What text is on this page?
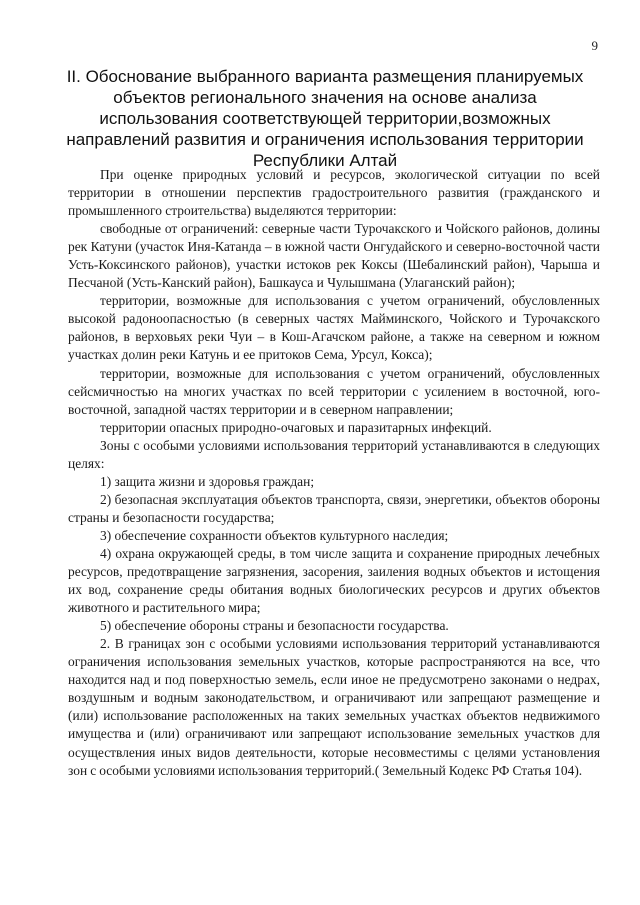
9
II. Обоснование выбранного варианта размещения планируемых объектов регионального значения на основе анализа использования соответствующей территории,возможных направлений развития и ограничения использования территории Республики Алтай

При оценке природных условий и ресурсов, экологической ситуации по всей территории в отношении перспектив градостроительного развития (гражданского и промышленного строительства) выделяются территории:

свободные от ограничений: северные части Турочакского и Чойского районов, долины рек Катуни (участок Иня-Катанда – в южной части Онгудайского и северно-восточной части Усть-Коксинского районов), участки истоков рек Коксы (Шебалинский район), Чарыша и Песчаной (Усть-Канский район), Башкауса и Чулышмана (Улаганский район);

территории, возможные для использования с учетом ограничений, обусловленных высокой радоноопасностью (в северных частях Майминского, Чойского и Турочакского районов, в верховьях реки Чуи – в Кош-Агачском районе, а также на северном и южном участках долин реки Катунь и ее притоков Сема, Урсул, Кокса);

территории, возможные для использования с учетом ограничений, обусловленных сейсмичностью на многих участках по всей территории с усилением в восточной, юго-восточной, западной частях территории и в северном направлении;

территории опасных природно-очаговых и паразитарных инфекций.

Зоны с особыми условиями использования территорий устанавливаются в следующих целях:

1) защита жизни и здоровья граждан;

2) безопасная эксплуатация объектов транспорта, связи, энергетики, объектов обороны страны и безопасности государства;

3) обеспечение сохранности объектов культурного наследия;

4) охрана окружающей среды, в том числе защита и сохранение природных лечебных ресурсов, предотвращение загрязнения, засорения, заиления водных объектов и истощения их вод, сохранение среды обитания водных биологических ресурсов и других объектов животного и растительного мира;

5) обеспечение обороны страны и безопасности государства.

2. В границах зон с особыми условиями использования территорий устанавливаются ограничения использования земельных участков, которые распространяются на все, что находится над и под поверхностью земель, если иное не предусмотрено законами о недрах, воздушным и водным законодательством, и ограничивают или запрещают размещение и (или) использование расположенных на таких земельных участках объектов недвижимого имущества и (или) ограничивают или запрещают использование земельных участков для осуществления иных видов деятельности, которые несовместимы с целями установления зон с особыми условиями использования территорий.( Земельный Кодекс РФ Статья 104).
